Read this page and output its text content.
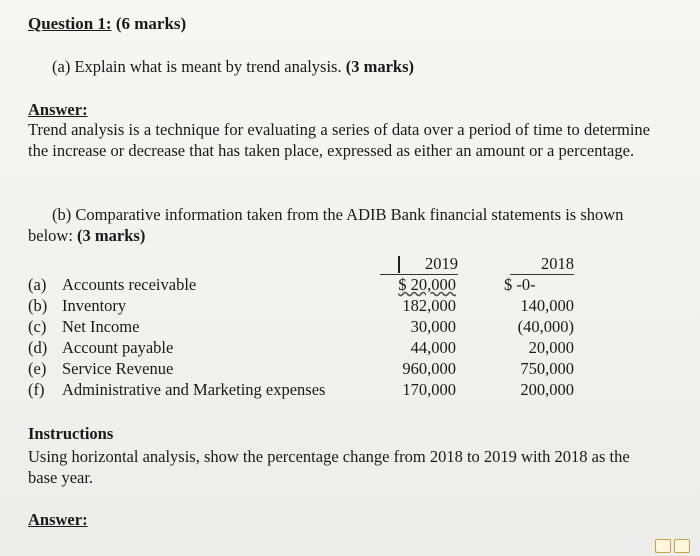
Question 1: (6 marks)
(a) Explain what is meant by trend analysis. (3 marks)
Answer:
Trend analysis is a technique for evaluating a series of data over a period of time to determine the increase or decrease that has taken place, expressed as either an amount or a percentage.
(b) Comparative information taken from the ADIB Bank financial statements is shown below: (3 marks)
2019	2018
(a) Accounts receivable
(b) Inventory
(c) Net Income
(d) Account payable
(e) Service Revenue
(f)	Administrative and Marketing expenses
$ 20,000
182,000
30,000
44,000
960,000
170,000
$ -0-
140,000
(40,000)
20,000
750,000
200,000
Instructions
Using horizontal analysis, show the percentage change from 2018 to 2019 with 2018 as the base year.
Answer:
